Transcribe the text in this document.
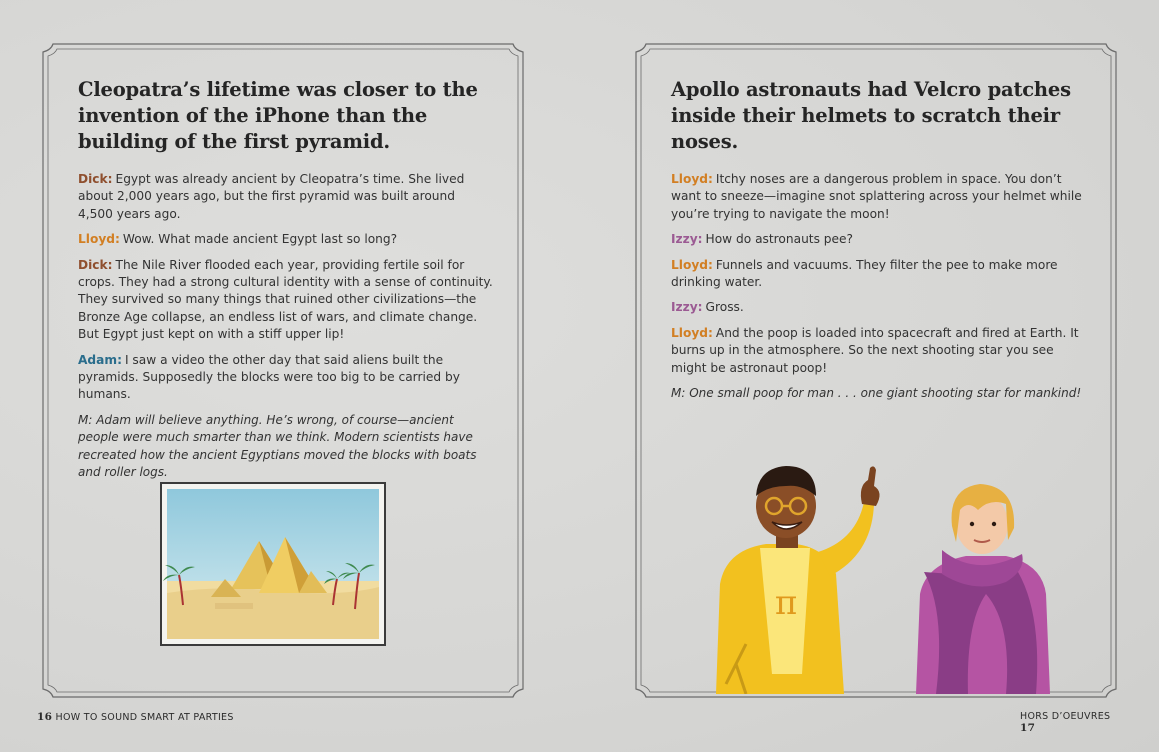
Cleopatra’s lifetime was closer to the invention of the iPhone than the building of the first pyramid.

Dick: Egypt was already ancient by Cleopatra’s time. She lived about 2,000 years ago, but the first pyramid was built around 4,500 years ago.

Lloyd: Wow. What made ancient Egypt last so long?

Dick: The Nile River flooded each year, providing fertile soil for crops. They had a strong cultural identity with a sense of continuity. They survived so many things that ruined other civilizations—the Bronze Age collapse, an endless list of wars, and climate change. But Egypt just kept on with a stiff upper lip!

Adam: I saw a video the other day that said aliens built the pyramids. Supposedly the blocks were too big to be carried by humans.

M: Adam will believe anything. He’s wrong, of course—ancient people were much smarter than we think. Modern scientists have recreated how the ancient Egyptians moved the blocks with boats and roller logs.

16 HOW TO SOUND SMART AT PARTIES
Apollo astronauts had Velcro patches inside their helmets to scratch their noses.

Lloyd: Itchy noses are a dangerous problem in space. You don’t want to sneeze—imagine snot splattering across your helmet while you’re trying to navigate the moon!

Izzy: How do astronauts pee?

Lloyd: Funnels and vacuums. They filter the pee to make more drinking water.

Izzy: Gross.

Lloyd: And the poop is loaded into spacecraft and fired at Earth. It burns up in the atmosphere. So the next shooting star you see might be astronaut poop!

M: One small poop for man . . . one giant shooting star for mankind!

π
HORS D’OEUVRES 17
